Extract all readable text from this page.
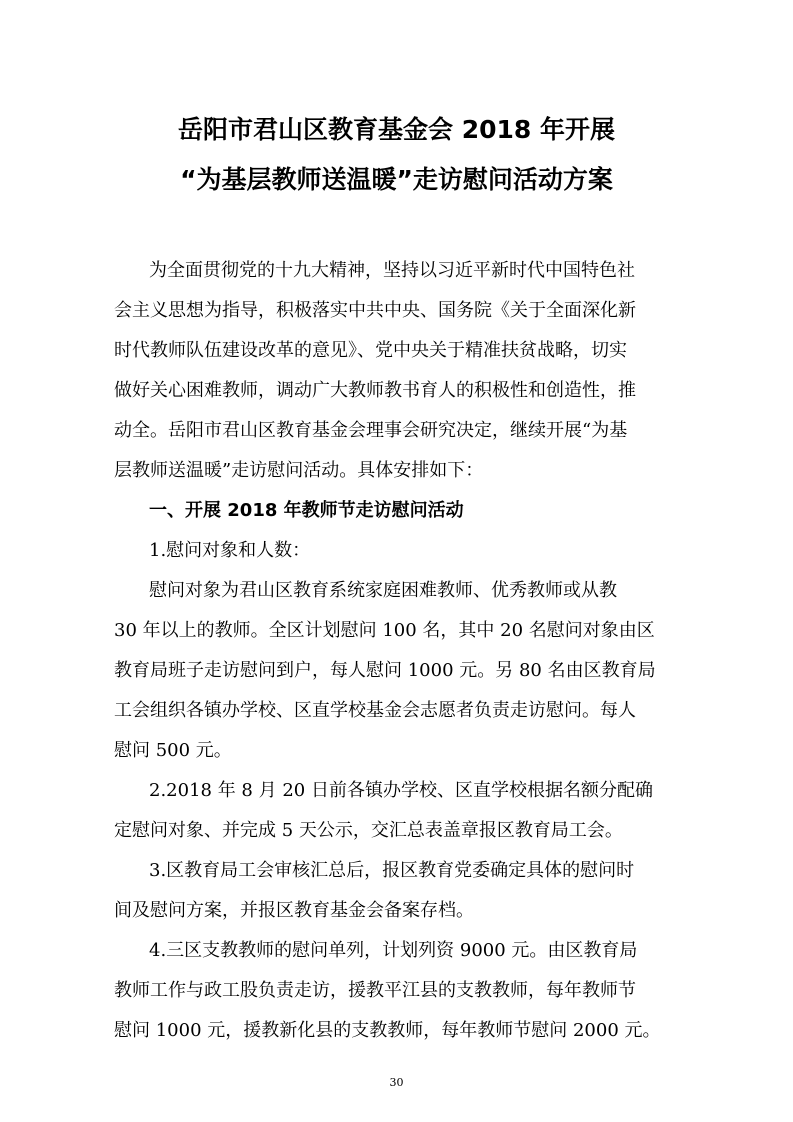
岳阳市君山区教育基金会 2018 年开展
“为基层教师送温暖”走访慰问活动方案

为全面贯彻党的十九大精神，坚持以习近平新时代中国特色社

会主义思想为指导，积极落实中共中央、国务院《关于全面深化新

时代教师队伍建设改革的意见》、党中央关于精准扶贫战略，切实

做好关心困难教师，调动广大教师教书育人的积极性和创造性，推

动全。岳阳市君山区教育基金会理事会研究决定，继续开展“为基

层教师送温暖”走访慰问活动。具体安排如下：

一、开展 2018 年教师节走访慰问活动

1.慰问对象和人数：

慰问对象为君山区教育系统家庭困难教师、优秀教师或从教

30 年以上的教师。全区计划慰问 100 名，其中 20 名慰问对象由区

教育局班子走访慰问到户，每人慰问 1000 元。另 80 名由区教育局

工会组织各镇办学校、区直学校基金会志愿者负责走访慰问。每人

慰问 500 元。

2.2018 年 8 月 20 日前各镇办学校、区直学校根据名额分配确

定慰问对象、并完成 5 天公示，交汇总表盖章报区教育局工会。

3.区教育局工会审核汇总后，报区教育党委确定具体的慰问时

间及慰问方案，并报区教育基金会备案存档。

4.三区支教教师的慰问单列，计划列资 9000 元。由区教育局

教师工作与政工股负责走访，援教平江县的支教教师，每年教师节

慰问 1000 元，援教新化县的支教教师，每年教师节慰问 2000 元。

30
